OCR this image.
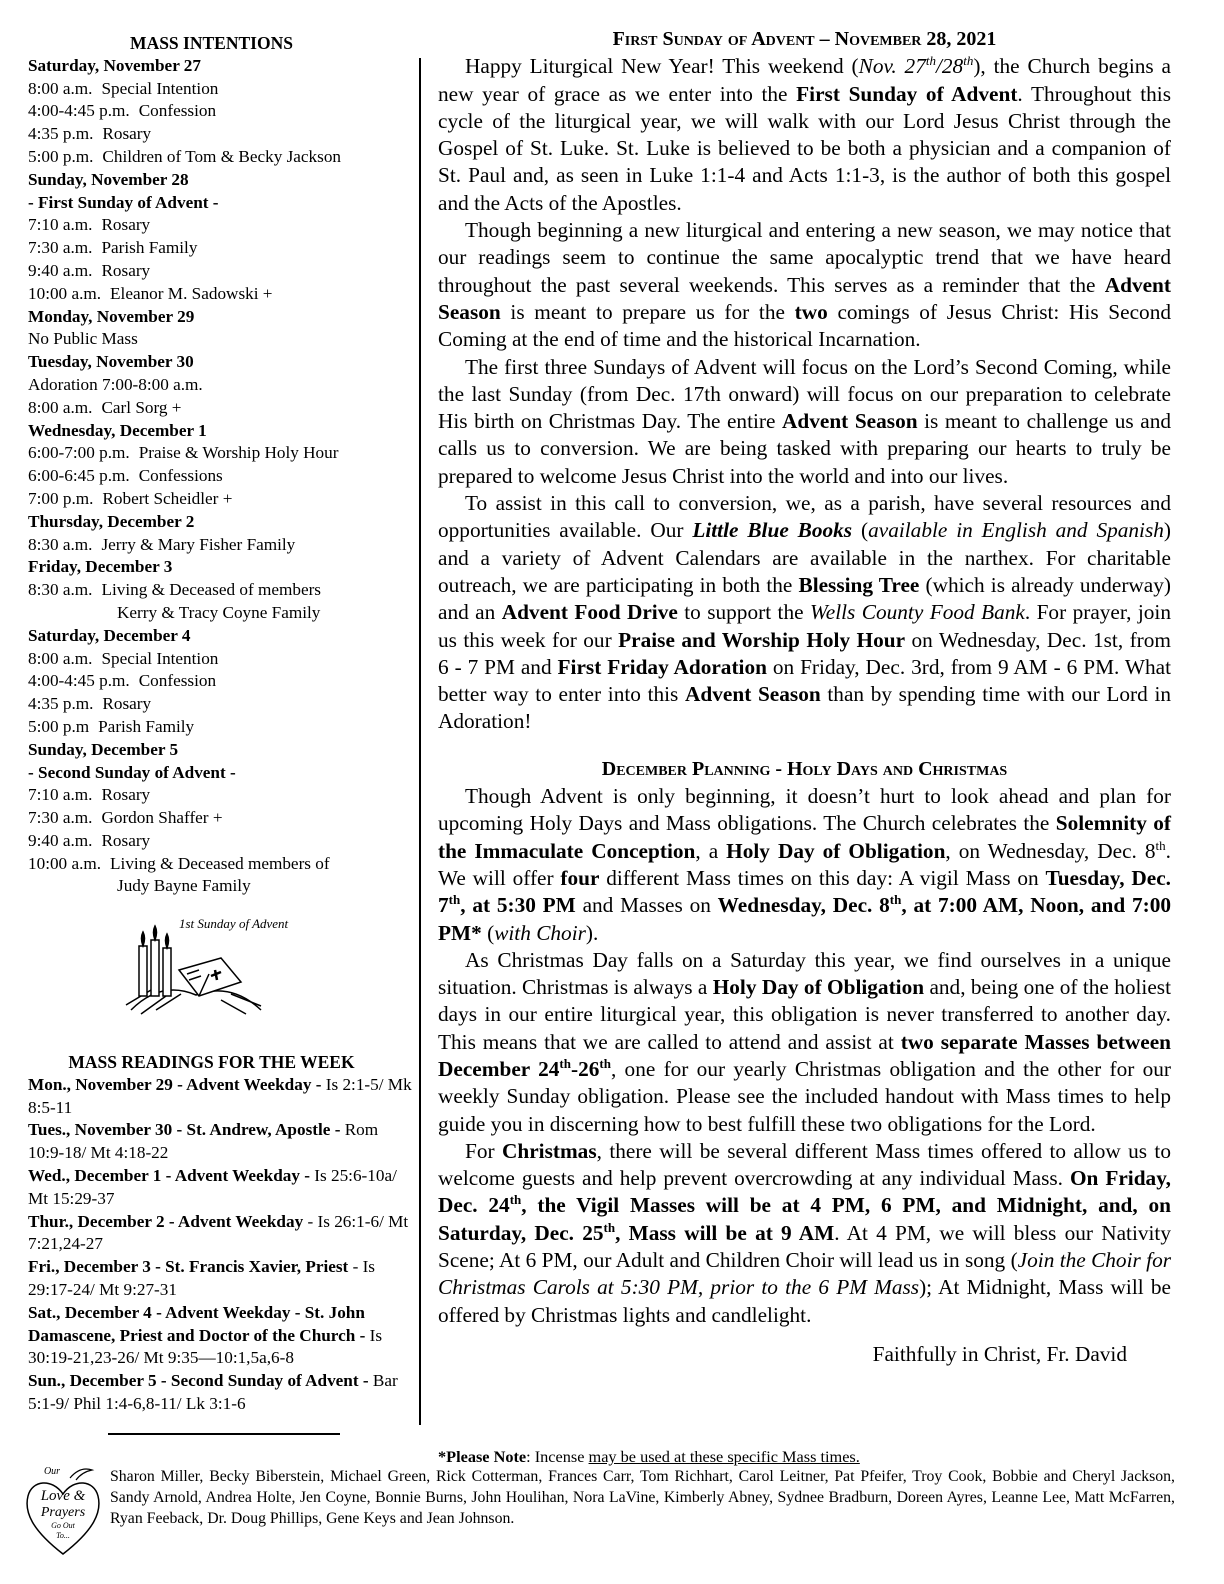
MASS INTENTIONS
Saturday, November 27
8:00 a.m. Special Intention
4:00-4:45 p.m. Confession
4:35 p.m. Rosary
5:00 p.m. Children of Tom & Becky Jackson
Sunday, November 28
- First Sunday of Advent -
7:10 a.m. Rosary
7:30 a.m. Parish Family
9:40 a.m. Rosary
10:00 a.m. Eleanor M. Sadowski +
Monday, November 29
No Public Mass
Tuesday, November 30
Adoration 7:00-8:00 a.m.
8:00 a.m. Carl Sorg +
Wednesday, December 1
6:00-7:00 p.m. Praise & Worship Holy Hour
6:00-6:45 p.m. Confessions
7:00 p.m. Robert Scheidler +
Thursday, December 2
8:30 a.m. Jerry & Mary Fisher Family
Friday, December 3
8:30 a.m. Living & Deceased of members
Kerry & Tracy Coyne Family
Saturday, December 4
8:00 a.m. Special Intention
4:00-4:45 p.m. Confession
4:35 p.m. Rosary
5:00 p.m Parish Family
Sunday, December 5
- Second Sunday of Advent -
7:10 a.m. Rosary
7:30 a.m. Gordon Shaffer +
9:40 a.m. Rosary
10:00 a.m. Living & Deceased members of
Judy Bayne Family
1st Sunday of Advent
MASS READINGS FOR THE WEEK
Mon., November 29 - Advent Weekday - Is 2:1-5/ Mk 8:5-11
Tues., November 30 - St. Andrew, Apostle - Rom 10:9-18/ Mt 4:18-22
Wed., December 1 - Advent Weekday - Is 25:6-10a/ Mt 15:29-37
Thur., December 2 - Advent Weekday - Is 26:1-6/ Mt 7:21,24-27
Fri., December 3 - St. Francis Xavier, Priest - Is 29:17-24/ Mt 9:27-31
Sat., December 4 - Advent Weekday - St. John Damascene, Priest and Doctor of the Church - Is 30:19-21,23-26/ Mt 9:35—10:1,5a,6-8
Sun., December 5 - Second Sunday of Advent - Bar 5:1-9/ Phil 1:4-6,8-11/ Lk 3:1-6
First Sunday of Advent – November 28, 2021
Happy Liturgical New Year! This weekend (Nov. 27th/28th), the Church begins a new year of grace as we enter into the First Sunday of Advent. Throughout this cycle of the liturgical year, we will walk with our Lord Jesus Christ through the Gospel of St. Luke. St. Luke is believed to be both a physician and a companion of St. Paul and, as seen in Luke 1:1-4 and Acts 1:1-3, is the author of both this gospel and the Acts of the Apostles.
Though beginning a new liturgical and entering a new season, we may notice that our readings seem to continue the same apocalyptic trend that we have heard throughout the past several weekends. This serves as a reminder that the Advent Season is meant to prepare us for the two comings of Jesus Christ: His Second Coming at the end of time and the historical Incarnation.
The first three Sundays of Advent will focus on the Lord’s Second Coming, while the last Sunday (from Dec. 17th onward) will focus on our preparation to celebrate His birth on Christmas Day. The entire Advent Season is meant to challenge us and calls us to conversion. We are being tasked with preparing our hearts to truly be prepared to welcome Jesus Christ into the world and into our lives.
To assist in this call to conversion, we, as a parish, have several resources and opportunities available. Our Little Blue Books (available in English and Spanish) and a variety of Advent Calendars are available in the narthex. For charitable outreach, we are participating in both the Blessing Tree (which is already underway) and an Advent Food Drive to support the Wells County Food Bank. For prayer, join us this week for our Praise and Worship Holy Hour on Wednesday, Dec. 1st, from 6 - 7 PM and First Friday Adoration on Friday, Dec. 3rd, from 9 AM - 6 PM. What better way to enter into this Advent Season than by spending time with our Lord in Adoration!
December Planning - Holy Days and Christmas
Though Advent is only beginning, it doesn’t hurt to look ahead and plan for upcoming Holy Days and Mass obligations. The Church celebrates the Solemnity of the Immaculate Conception, a Holy Day of Obligation, on Wednesday, Dec. 8th. We will offer four different Mass times on this day: A vigil Mass on Tuesday, Dec. 7th, at 5:30 PM and Masses on Wednesday, Dec. 8th, at 7:00 AM, Noon, and 7:00 PM* (with Choir).
As Christmas Day falls on a Saturday this year, we find ourselves in a unique situation. Christmas is always a Holy Day of Obligation and, being one of the holiest days in our entire liturgical year, this obligation is never transferred to another day. This means that we are called to attend and assist at two separate Masses between December 24th-26th, one for our yearly Christmas obligation and the other for our weekly Sunday obligation. Please see the included handout with Mass times to help guide you in discerning how to best fulfill these two obligations for the Lord.
For Christmas, there will be several different Mass times offered to allow us to welcome guests and help prevent overcrowding at any individual Mass. On Friday, Dec. 24th, the Vigil Masses will be at 4 PM, 6 PM, and Midnight, and, on Saturday, Dec. 25th, Mass will be at 9 AM. At 4 PM, we will bless our Nativity Scene; At 6 PM, our Adult and Children Choir will lead us in song (Join the Choir for Christmas Carols at 5:30 PM, prior to the 6 PM Mass); At Midnight, Mass will be offered by Christmas lights and candlelight.
Faithfully in Christ, Fr. David
*Please Note: Incense may be used at these specific Mass times.
Our
Love &
Prayers
Go Out
To...
Sharon Miller, Becky Biberstein, Michael Green, Rick Cotterman, Frances Carr, Tom Richhart, Carol Leitner, Pat Pfeifer, Troy Cook, Bobbie and Cheryl Jackson, Sandy Arnold, Andrea Holte, Jen Coyne, Bonnie Burns, John Houlihan, Nora LaVine, Kimberly Abney, Sydnee Bradburn, Doreen Ayres, Leanne Lee, Matt McFarren, Ryan Feeback, Dr. Doug Phillips, Gene Keys and Jean Johnson.
